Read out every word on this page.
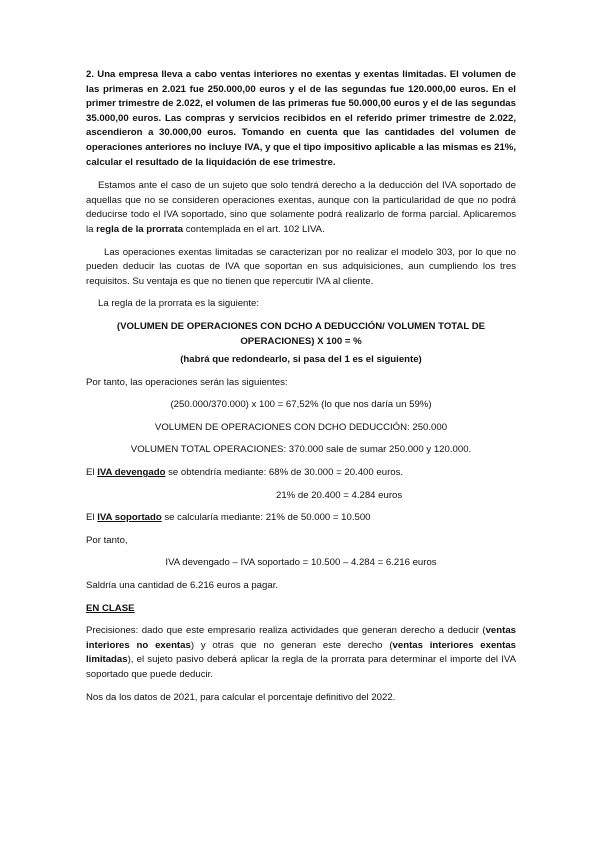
2. Una empresa lleva a cabo ventas interiores no exentas y exentas limitadas. El volumen de las primeras en 2.021 fue 250.000,00 euros y el de las segundas fue 120.000,00 euros. En el primer trimestre de 2.022, el volumen de las primeras fue 50.000,00 euros y el de las segundas 35.000,00 euros. Las compras y servicios recibidos en el referido primer trimestre de 2.022, ascendieron a 30.000,00 euros. Tomando en cuenta que las cantidades del volumen de operaciones anteriores no incluye IVA, y que el tipo impositivo aplicable a las mismas es 21%, calcular el resultado de la liquidación de ese trimestre.

Estamos ante el caso de un sujeto que solo tendrá derecho a la deducción del IVA soportado de aquellas que no se consideren operaciones exentas, aunque con la particularidad de que no podrá deducirse todo el IVA soportado, sino que solamente podrá realizarlo de forma parcial. Aplicaremos la regla de la prorrata contemplada en el art. 102 LIVA.

Las operaciones exentas limitadas se caracterizan por no realizar el modelo 303, por lo que no pueden deducir las cuotas de IVA que soportan en sus adquisiciones, aun cumpliendo los tres requisitos. Su ventaja es que no tienen que repercutir IVA al cliente.

La regla de la prorrata es la siguiente:

(VOLUMEN DE OPERACIONES CON DCHO A DEDUCCIÓN/ VOLUMEN TOTAL DE OPERACIONES) X 100 = %

(habrá que redondearlo, si pasa del 1 es el siguiente)

Por tanto, las operaciones serán las siguientes:

(250.000/370.000) x 100 = 67,52% (lo que nos daría un 59%)

VOLUMEN DE OPERACIONES CON DCHO DEDUCCIÓN: 250.000

VOLUMEN TOTAL OPERACIONES: 370.000 sale de sumar 250.000 y 120.000.

El IVA devengado se obtendría mediante: 68% de 30.000 = 20.400 euros.

21% de 20.400 = 4.284 euros

El IVA soportado se calcularía mediante: 21% de 50.000 = 10.500

Por tanto,

IVA devengado – IVA soportado = 10.500 – 4.284 = 6.216 euros

Saldría una cantidad de 6.216 euros a pagar.

EN CLASE

Precisiones: dado que este empresario realiza actividades que generan derecho a deducir (ventas interiores no exentas) y otras que no generan este derecho (ventas interiores exentas limitadas), el sujeto pasivo deberá aplicar la regla de la prorrata para determinar el importe del IVA soportado que puede deducir.

Nos da los datos de 2021, para calcular el porcentaje definitivo del 2022.
